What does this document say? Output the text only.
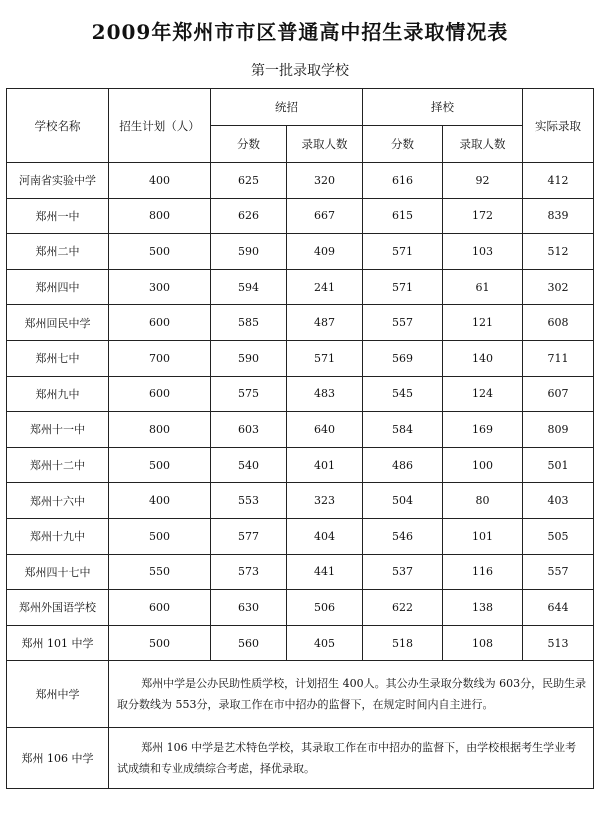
2009年郑州市市区普通高中招生录取情况表
第一批录取学校
学校名称	招生计划（人）	统招		择校		实际录取
		分数	录取人数	分数	录取人数	
河南省实验中学	400	625	320	616	92	412
郑州一中	800	626	667	615	172	839
郑州二中	500	590	409	571	103	512
郑州四中	300	594	241	571	61	302
郑州回民中学	600	585	487	557	121	608
郑州七中	700	590	571	569	140	711
郑州九中	600	575	483	545	124	607
郑州十一中	800	603	640	584	169	809
郑州十二中	500	540	401	486	100	501
郑州十六中	400	553	323	504	80	403
郑州十九中	500	577	404	546	101	505
郑州四十七中	550	573	441	537	116	557
郑州外国语学校	600	630	506	622	138	644
郑州 101 中学	500	560	405	518	108	513
郑州中学	郑州中学是公办民助性质学校，计划招生 400人。其公办生录取分数线为 603分，民助生录取分数线为 553分，录取工作在市中招办的监督下，在规定时间内自主进行。					
郑州 106 中学	郑州 106 中学是艺术特色学校，其录取工作在市中招办的监督下，由学校根据考生学业考试成绩和专业成绩综合考虑，择优录取。					
